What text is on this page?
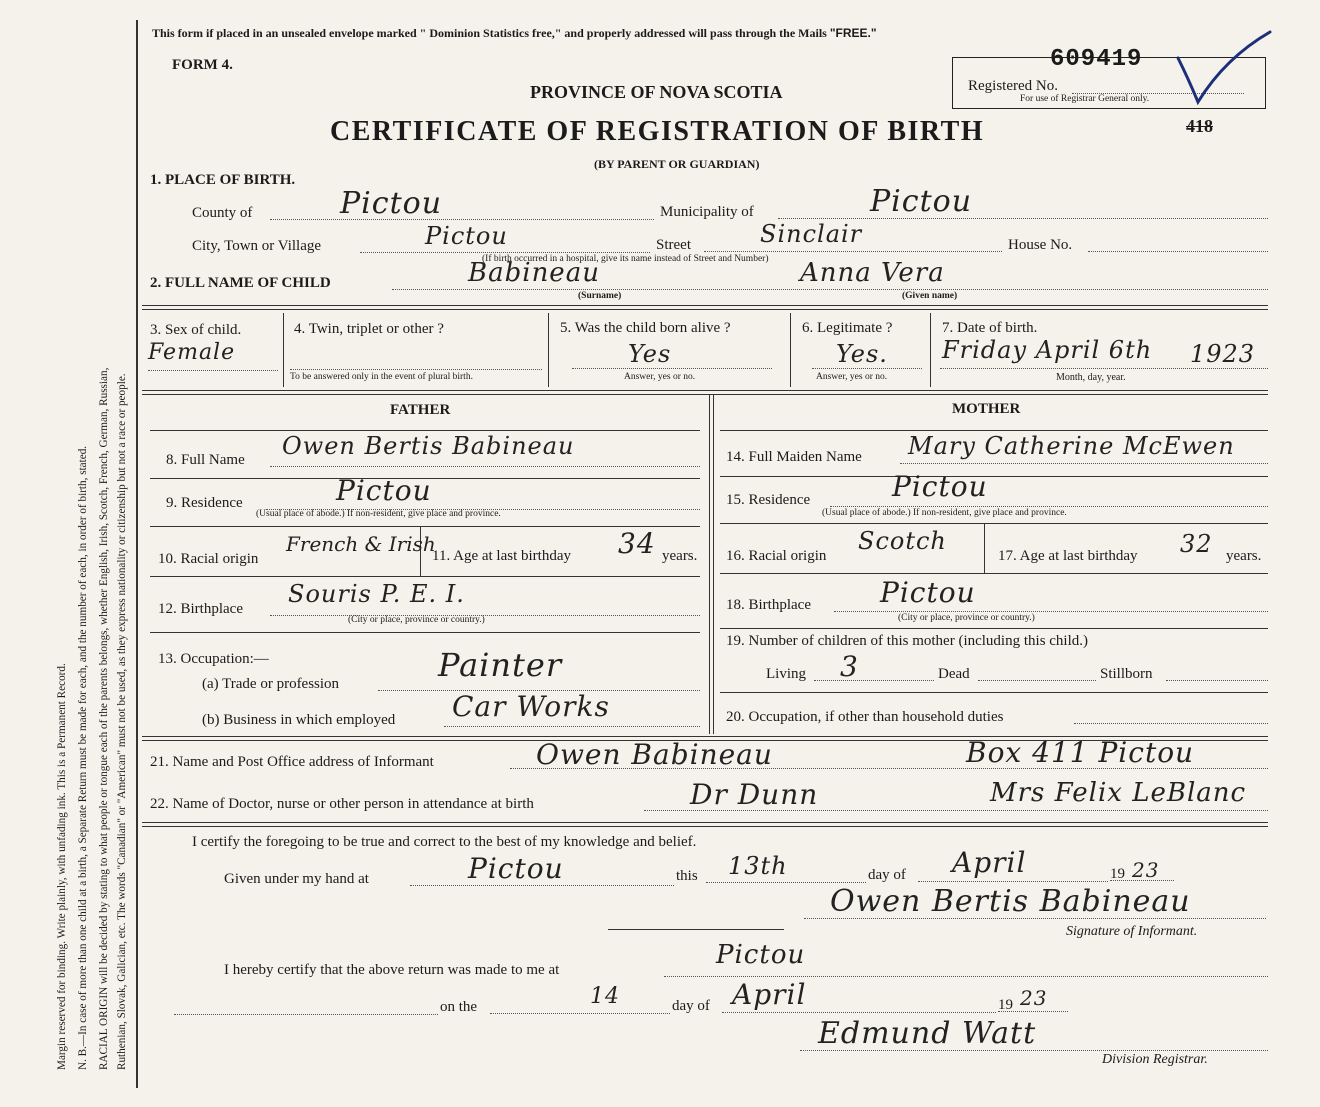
Margin reserved for binding. Write plainly, with unfading ink. This is a Permanent Record. N. B.—In case of more than one child at a birth, a Separate Return must be made for each, and the number of each, in order of birth, stated. RACIAL ORIGIN will be decided by stating to what people or tongue each of the parents belongs, whether English, Irish, Scotch, French, German, Russian, Ruthenian, Slovak, Galician, etc. The words "Canadian" or "American" must not be used, as they express nationality or citizenship but not a race or people.
This form if placed in an unsealed envelope marked " Dominion Statistics free," and properly addressed will pass through the Mails "FREE."
FORM 4.
PROVINCE OF NOVA SCOTIA
CERTIFICATE OF REGISTRATION OF BIRTH
(BY PARENT OR GUARDIAN)
609419
Registered No.
For use of Registrar General only.
418
1. PLACE OF BIRTH.
County of	Pictou	Municipality of	Pictou
City, Town or Village	Pictou	Street	Sinclair	House No.
(If birth occurred in a hospital, give its name instead of Street and Number)
2. FULL NAME OF CHILD	Babineau	Anna Vera
(Surname)	(Given name)
3. Sex of child.
Female
4. Twin, triplet or other ?
To be answered only in the event of plural birth.
5. Was the child born alive ?
Yes
Answer, yes or no.
6. Legitimate ?
Yes.
Answer, yes or no.
7. Date of birth.
Friday April 6th 1923
Month, day, year.
FATHER	MOTHER
8. Full Name Owen Bertis Babineau
9. Residence	Pictou
(Usual place of abode.) If non-resident, give place and province.
10. Racial origin
French & Irish
11. Age at last birthday 34 years.
12. Birthplace
Souris P. E. I.
(City or place, province or country.)
13. Occupation:—
(a) Trade or profession	Painter
(b) Business in which employed Car Works
14. Full Maiden Name Mary Catherine McEwen
15. Residence	Pictou
(Usual place of abode.) If non-resident, give place and province.
16. Racial origin
Scotch
17. Age at last birthday 32 years.
18. Birthplace Pictou
(City or place, province or country.)
19. Number of children of this mother (including this child.)
Living 3	Dead	Stillborn
20. Occupation, if other than household duties
21. Name and Post Office address of Informant	Owen Babineau	Box 411 Pictou
22. Name of Doctor, nurse or other person in attendance at birth	Dr Dunn	Mrs Felix LeBlanc
I certify the foregoing to be true and correct to the best of my knowledge and belief.
Given under my hand at	Pictou	this 13th	day of April	19 23
Owen Bertis Babineau
Signature of Informant.
I hereby certify that the above return was made to me at	Pictou
on the	14	day of April	19 23
Edmund Watt
Division Registrar.
